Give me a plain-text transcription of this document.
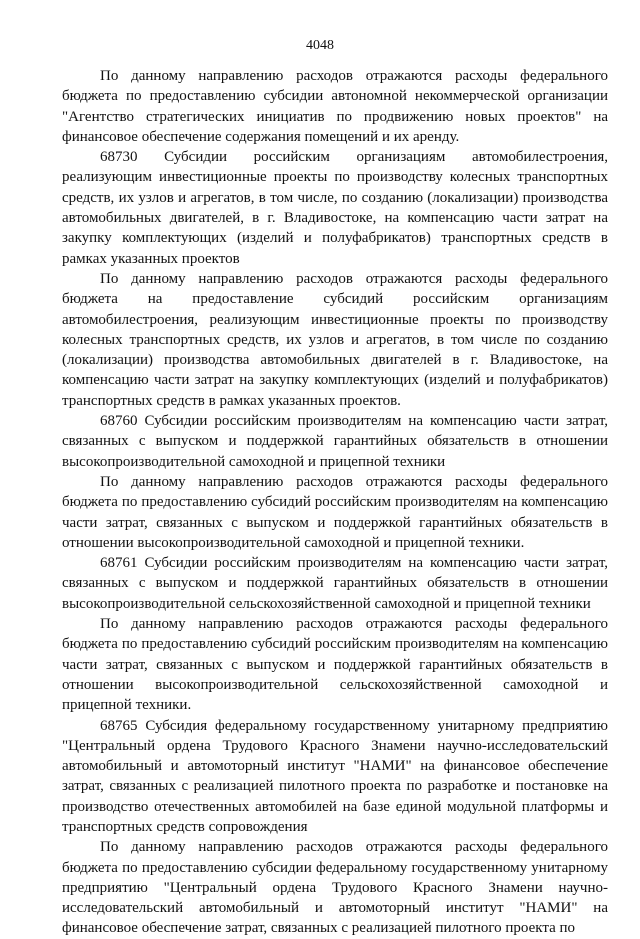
4048

По данному направлению расходов отражаются расходы федерального бюджета по предоставлению субсидии автономной некоммерческой организации "Агентство стратегических инициатив по продвижению новых проектов" на финансовое обеспечение содержания помещений и их аренду.

68730 Субсидии российским организациям автомобилестроения, реализующим инвестиционные проекты по производству колесных транспортных средств, их узлов и агрегатов, в том числе, по созданию (локализации) производства автомобильных двигателей, в г. Владивостоке, на компенсацию части затрат на закупку комплектующих (изделий и полуфабрикатов) транспортных средств в рамках указанных проектов

По данному направлению расходов отражаются расходы федерального бюджета на предоставление субсидий российским организациям автомобилестроения, реализующим инвестиционные проекты по производству колесных транспортных средств, их узлов и агрегатов, в том числе по созданию (локализации) производства автомобильных двигателей в г. Владивостоке, на компенсацию части затрат на закупку комплектующих (изделий и полуфабрикатов) транспортных средств в рамках указанных проектов.

68760 Субсидии российским производителям на компенсацию части затрат, связанных с выпуском и поддержкой гарантийных обязательств в отношении высокопроизводительной самоходной и прицепной техники

По данному направлению расходов отражаются расходы федерального бюджета по предоставлению субсидий российским производителям на компенсацию части затрат, связанных с выпуском и поддержкой гарантийных обязательств в отношении высокопроизводительной самоходной и прицепной техники.

68761 Субсидии российским производителям на компенсацию части затрат, связанных с выпуском и поддержкой гарантийных обязательств в отношении высокопроизводительной сельскохозяйственной самоходной и прицепной техники

По данному направлению расходов отражаются расходы федерального бюджета по предоставлению субсидий российским производителям на компенсацию части затрат, связанных с выпуском и поддержкой гарантийных обязательств в отношении высокопроизводительной сельскохозяйственной самоходной и прицепной техники.

68765 Субсидия федеральному государственному унитарному предприятию "Центральный ордена Трудового Красного Знамени научно-исследовательский автомобильный и автомоторный институт "НАМИ" на финансовое обеспечение затрат, связанных с реализацией пилотного проекта по разработке и постановке на производство отечественных автомобилей на базе единой модульной платформы и транспортных средств сопровождения

По данному направлению расходов отражаются расходы федерального бюджета по предоставлению субсидии федеральному государственному унитарному предприятию "Центральный ордена Трудового Красного Знамени научно-исследовательский автомобильный и автомоторный институт "НАМИ" на финансовое обеспечение затрат, связанных с реализацией пилотного проекта по
